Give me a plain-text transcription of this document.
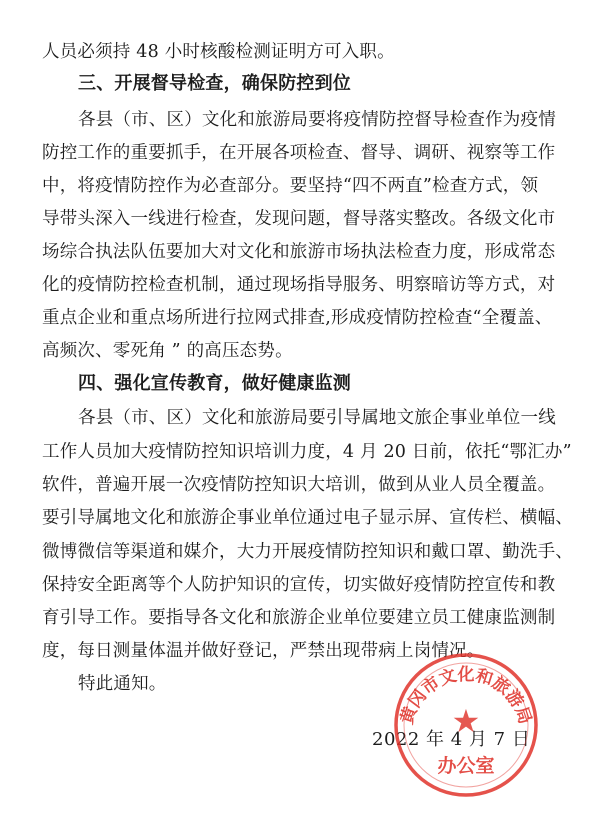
人员必须持 48 小时核酸检测证明方可入职。
三、开展督导检查，确保防控到位
各县（市、区）文化和旅游局要将疫情防控督导检查作为疫情
防控工作的重要抓手，在开展各项检查、督导、调研、视察等工作
中，将疫情防控作为必查部分。要坚持“四不两直”检查方式，领
导带头深入一线进行检查，发现问题，督导落实整改。各级文化市
场综合执法队伍要加大对文化和旅游市场执法检查力度，形成常态
化的疫情防控检查机制，通过现场指导服务、明察暗访等方式，对
重点企业和重点场所进行拉网式排查,形成疫情防控检查“全覆盖、
高频次、零死角 ” 的高压态势。
四、强化宣传教育，做好健康监测
各县（市、区）文化和旅游局要引导属地文旅企事业单位一线
工作人员加大疫情防控知识培训力度，4 月 20 日前，依托“鄂汇办”
软件，普遍开展一次疫情防控知识大培训，做到从业人员全覆盖。
要引导属地文化和旅游企事业单位通过电子显示屏、宣传栏、横幅、
微博微信等渠道和媒介，大力开展疫情防控知识和戴口罩、勤洗手、
保持安全距离等个人防护知识的宣传，切实做好疫情防控宣传和教
育引导工作。要指导各文化和旅游企业单位要建立员工健康监测制
度，每日测量体温并做好登记，严禁出现带病上岗情况。
特此通知。
2022 年 4 月 7 日
黄冈市文化和旅游局
★
办公室
